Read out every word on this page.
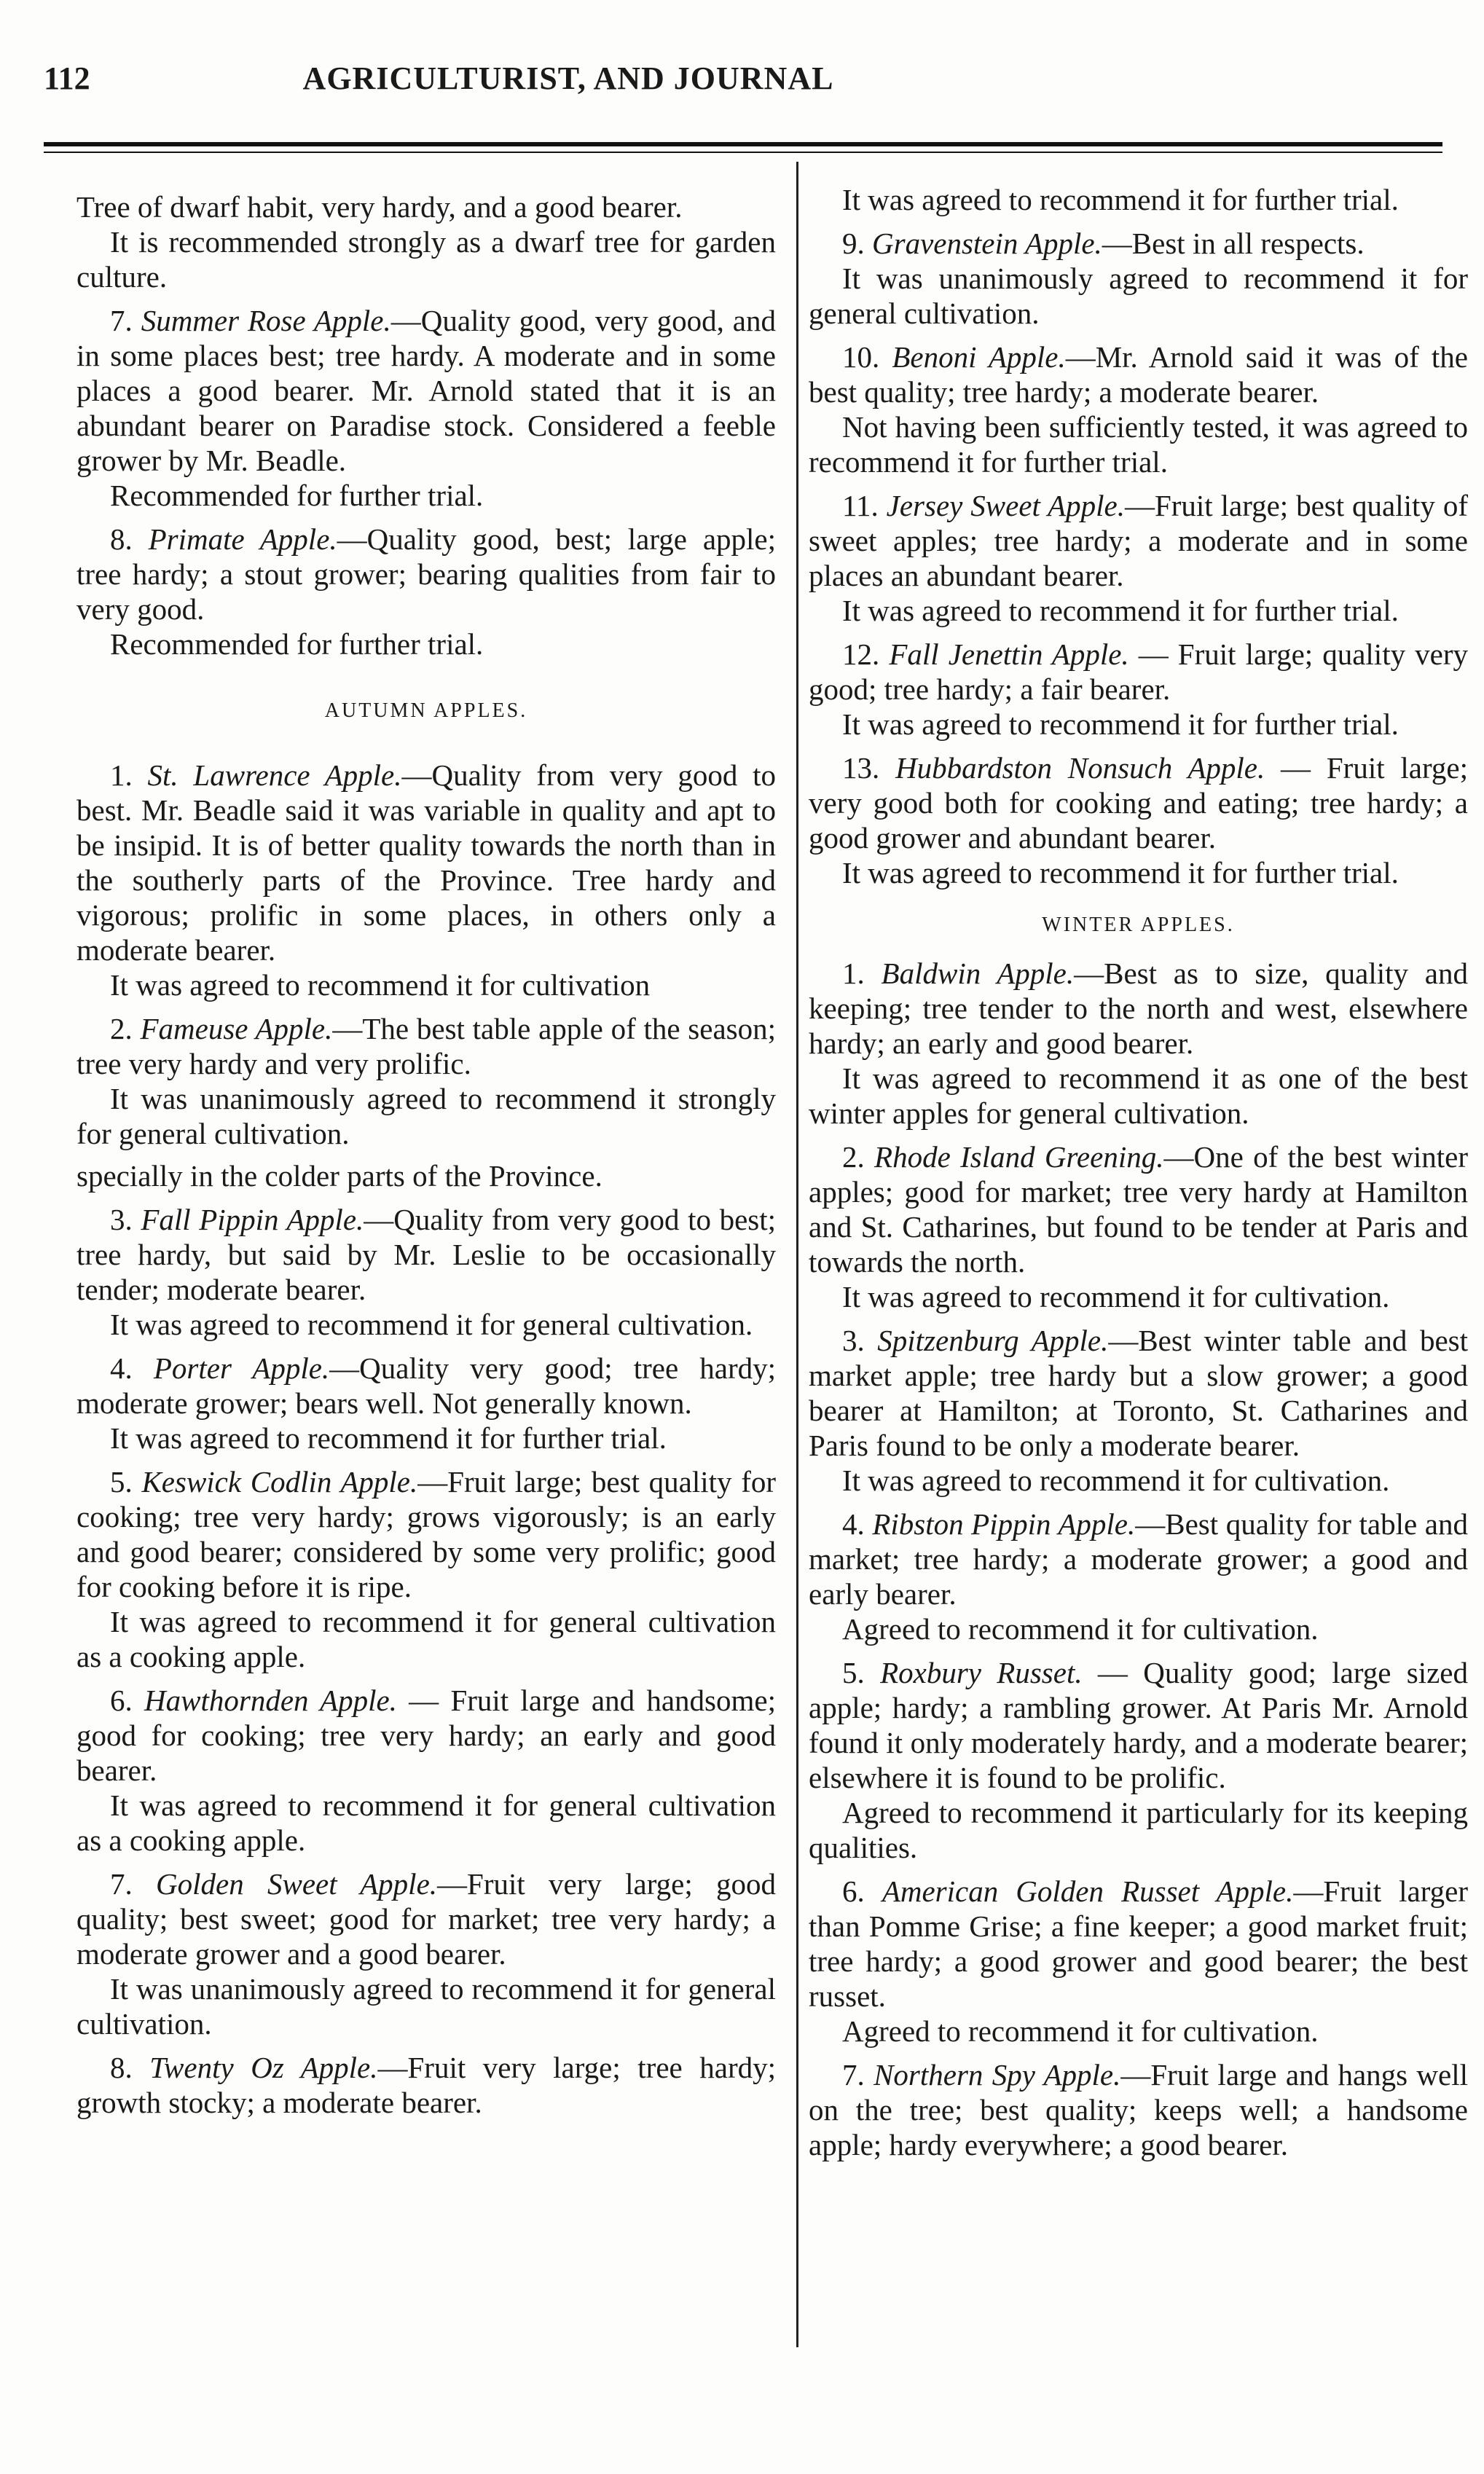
112	AGRICULTURIST, AND JOURNAL

Tree of dwarf habit, very hardy, and a good bearer.

It is recommended strongly as a dwarf tree for garden culture.

7. Summer Rose Apple.—Quality good, very good, and in some places best; tree hardy. A moderate and in some places a good bearer. Mr. Arnold stated that it is an abundant bearer on Paradise stock. Considered a feeble grower by Mr. Beadle.

Recommended for further trial.

8. Primate Apple.—Quality good, best; large apple; tree hardy; a stout grower; bearing qualities from fair to very good.

Recommended for further trial.

AUTUMN APPLES.

1. St. Lawrence Apple.—Quality from very good to best. Mr. Beadle said it was variable in quality and apt to be insipid. It is of better quality towards the north than in the southerly parts of the Province. Tree hardy and vigorous; prolific in some places, in others only a moderate bearer.

It was agreed to recommend it for cultivation

2. Fameuse Apple.—The best table apple of the season; tree very hardy and very prolific.

It was unanimously agreed to recommend it strongly for general cultivation.

specially in the colder parts of the Province.

3. Fall Pippin Apple.—Quality from very good to best; tree hardy, but said by Mr. Leslie to be occasionally tender; moderate bearer.

It was agreed to recommend it for general cultivation.

4. Porter Apple.—Quality very good; tree hardy; moderate grower; bears well. Not generally known.

It was agreed to recommend it for further trial.

5. Keswick Codlin Apple.—Fruit large; best quality for cooking; tree very hardy; grows vigorously; is an early and good bearer; considered by some very prolific; good for cooking before it is ripe.

It was agreed to recommend it for general cultivation as a cooking apple.

6. Hawthornden Apple. — Fruit large and handsome; good for cooking; tree very hardy; an early and good bearer.

It was agreed to recommend it for general cultivation as a cooking apple.

7. Golden Sweet Apple.—Fruit very large; good quality; best sweet; good for market; tree very hardy; a moderate grower and a good bearer.

It was unanimously agreed to recommend it for general cultivation.

8. Twenty Oz Apple.—Fruit very large; tree hardy; growth stocky; a moderate bearer.

It was agreed to recommend it for further trial.

9. Gravenstein Apple.—Best in all respects.

It was unanimously agreed to recommend it for general cultivation.

10. Benoni Apple.—Mr. Arnold said it was of the best quality; tree hardy; a moderate bearer.

Not having been sufficiently tested, it was agreed to recommend it for further trial.

11. Jersey Sweet Apple.—Fruit large; best quality of sweet apples; tree hardy; a moderate and in some places an abundant bearer.

It was agreed to recommend it for further trial.

12. Fall Jenettin Apple. — Fruit large; quality very good; tree hardy; a fair bearer.

It was agreed to recommend it for further trial.

13. Hubbardston Nonsuch Apple. — Fruit large; very good both for cooking and eating; tree hardy; a good grower and abundant bearer.

It was agreed to recommend it for further trial.

WINTER APPLES.

1. Baldwin Apple.—Best as to size, quality and keeping; tree tender to the north and west, elsewhere hardy; an early and good bearer.

It was agreed to recommend it as one of the best winter apples for general cultivation.

2. Rhode Island Greening.—One of the best winter apples; good for market; tree very hardy at Hamilton and St. Catharines, but found to be tender at Paris and towards the north.

It was agreed to recommend it for cultivation.

3. Spitzenburg Apple.—Best winter table and best market apple; tree hardy but a slow grower; a good bearer at Hamilton; at Toronto, St. Catharines and Paris found to be only a moderate bearer.

It was agreed to recommend it for cultivation.

4. Ribston Pippin Apple.—Best quality for table and market; tree hardy; a moderate grower; a good and early bearer.

Agreed to recommend it for cultivation.

5. Roxbury Russet. — Quality good; large sized apple; hardy; a rambling grower. At Paris Mr. Arnold found it only moderately hardy, and a moderate bearer; elsewhere it is found to be prolific.

Agreed to recommend it particularly for its keeping qualities.

6. American Golden Russet Apple.—Fruit larger than Pomme Grise; a fine keeper; a good market fruit; tree hardy; a good grower and good bearer; the best russet.

Agreed to recommend it for cultivation.

7. Northern Spy Apple.—Fruit large and hangs well on the tree; best quality; keeps well; a handsome apple; hardy everywhere; a good bearer.
